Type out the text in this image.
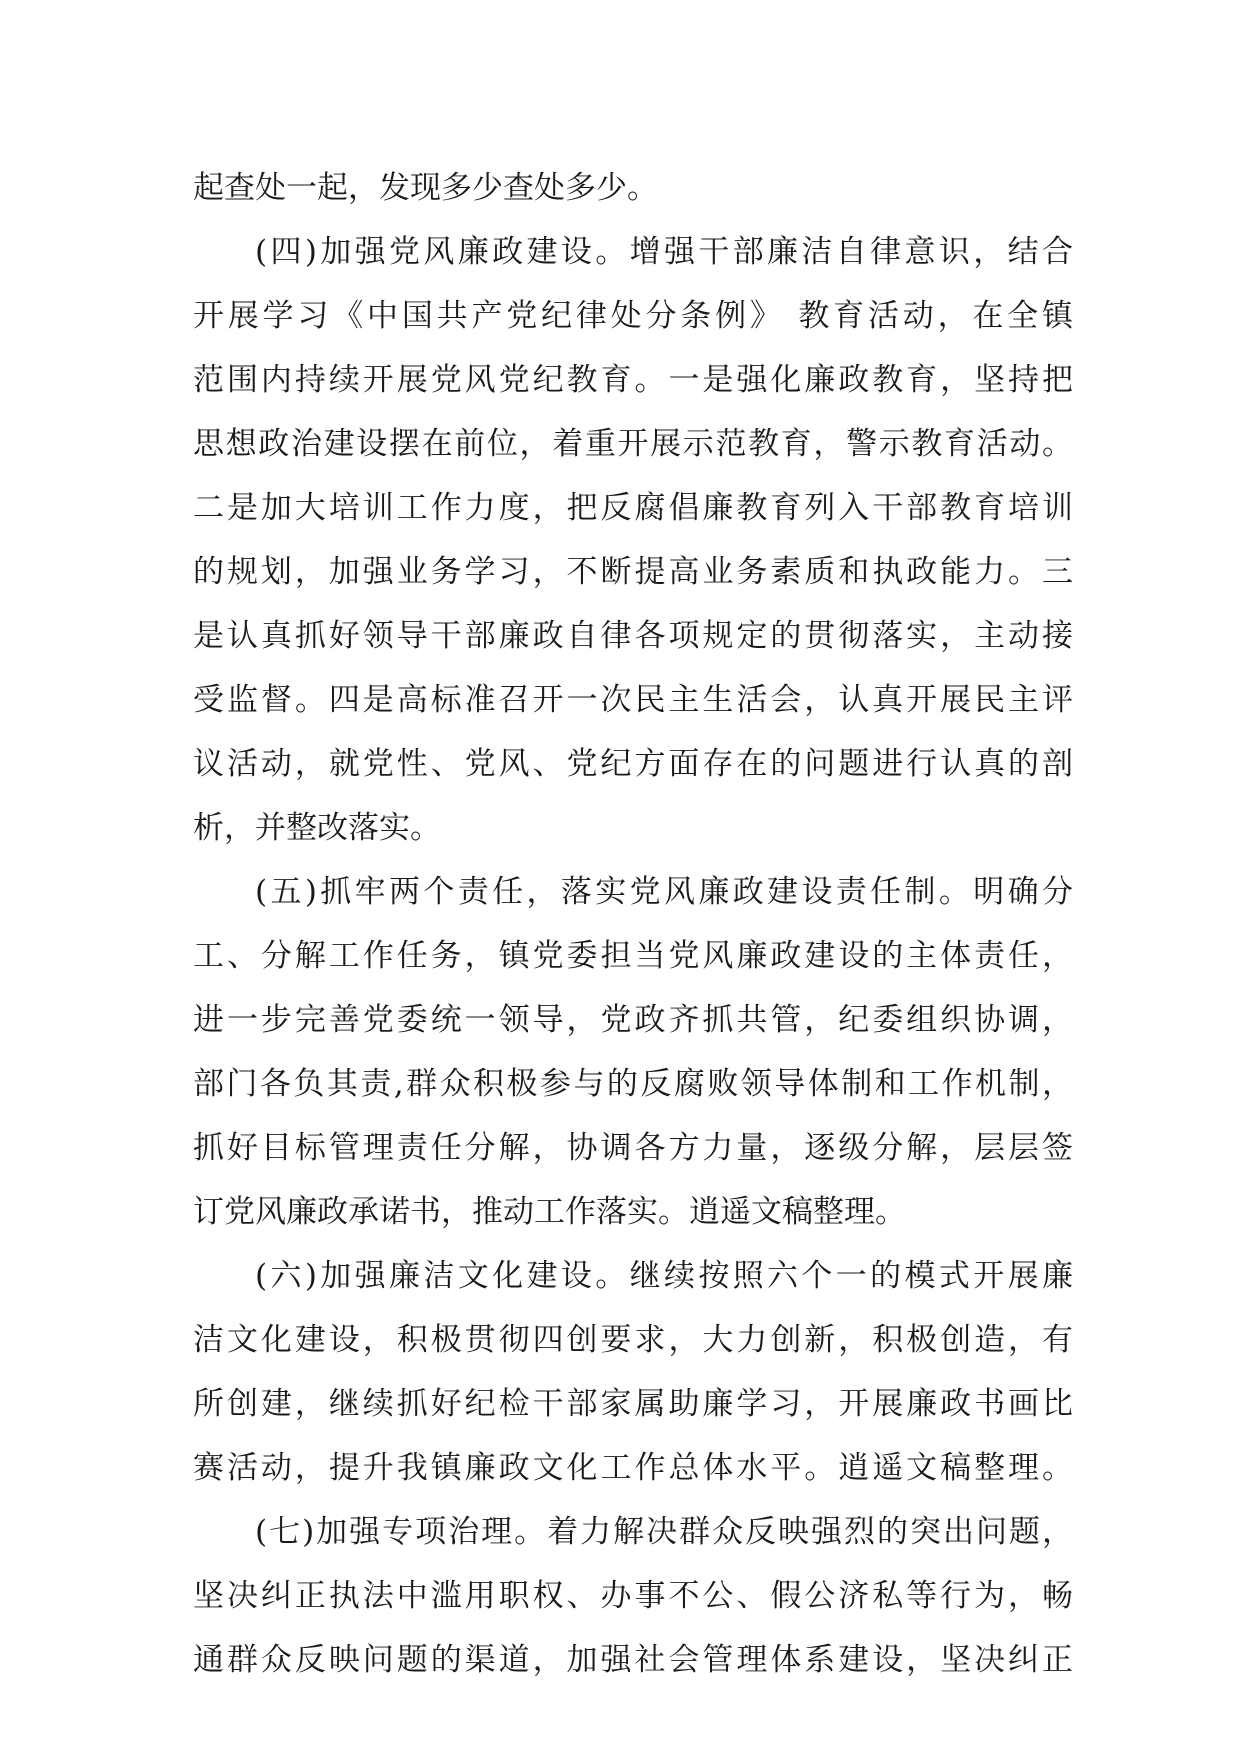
起查处一起，发现多少查处多少。
(四)加强党风廉政建设。增强干部廉洁自律意识，结合
开展学习《中国共产党纪律处分条例》 教育活动，在全镇
范围内持续开展党风党纪教育。一是强化廉政教育，坚持把
思想政治建设摆在前位，着重开展示范教育，警示教育活动。
二是加大培训工作力度，把反腐倡廉教育列入干部教育培训
的规划，加强业务学习，不断提高业务素质和执政能力。三
是认真抓好领导干部廉政自律各项规定的贯彻落实，主动接
受监督。四是高标准召开一次民主生活会，认真开展民主评
议活动，就党性、党风、党纪方面存在的问题进行认真的剖
析，并整改落实。
(五)抓牢两个责任，落实党风廉政建设责任制。明确分
工、分解工作任务，镇党委担当党风廉政建设的主体责任，
进一步完善党委统一领导，党政齐抓共管，纪委组织协调，
部门各负其责,群众积极参与的反腐败领导体制和工作机制，
抓好目标管理责任分解，协调各方力量，逐级分解，层层签
订党风廉政承诺书，推动工作落实。逍遥文稿整理。
(六)加强廉洁文化建设。继续按照六个一的模式开展廉
洁文化建设，积极贯彻四创要求，大力创新，积极创造，有
所创建，继续抓好纪检干部家属助廉学习，开展廉政书画比
赛活动，提升我镇廉政文化工作总体水平。逍遥文稿整理。
(七)加强专项治理。着力解决群众反映强烈的突出问题，
坚决纠正执法中滥用职权、办事不公、假公济私等行为，畅
通群众反映问题的渠道，加强社会管理体系建设，坚决纠正
